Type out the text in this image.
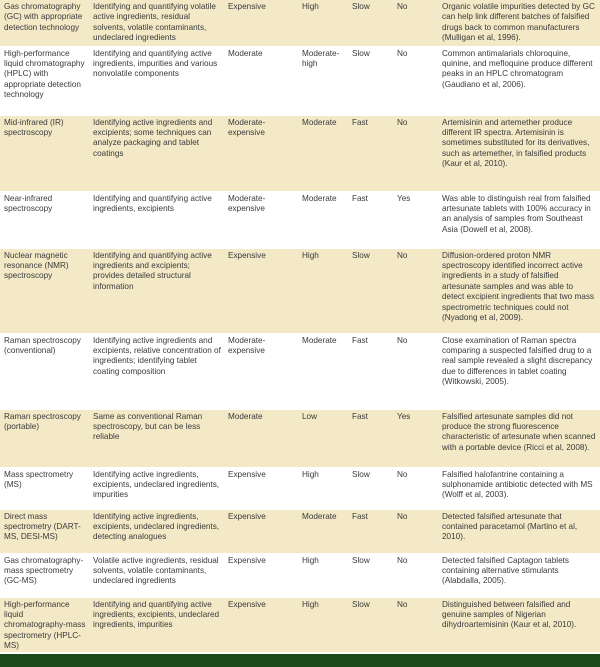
Gas chromatography (GC) with appropriate detection technology	Identifying and quantifying volatile active ingredients, residual solvents, volatile contaminants, undeclared ingredients	Expensive	High	Slow	No	Organic volatile impurities detected by GC can help link different batches of falsified drugs back to common manufacturers (Mulligan et al, 1996).
High-performance liquid chromatography (HPLC) with appropriate detection technology	Identifying and quantifying active ingredients, impurities and various nonvolatile components	Moderate	Moderate-high	Slow	No	Common antimalarials chloroquine, quinine, and mefloquine produce different peaks in an HPLC chromatogram (Gaudiano et al, 2006).
Mid-infrared (IR) spectroscopy	Identifying active ingredients and excipients; some techniques can analyze packaging and tablet coatings	Moderate-expensive	Moderate	Fast	No	Artemisinin and artemether produce different IR spectra. Artemisinin is sometimes substituted for its derivatives, such as artemether, in falsified products (Kaur et al, 2010).
Near-infrared spectroscopy	Identifying and quantifying active ingredients, excipients	Moderate-expensive	Moderate	Fast	Yes	Was able to distinguish real from falsified artesunate tablets with 100% accuracy in an analysis of samples from Southeast Asia (Dowell et al, 2008).
Nuclear magnetic resonance (NMR) spectroscopy	Identifying and quantifying active ingredients and excipients; provides detailed structural information	Expensive	High	Slow	No	Diffusion-ordered proton NMR spectroscopy identified incorrect active ingredients in a study of falsified artesunate samples and was able to detect excipient ingredients that two mass spectrometric techniques could not (Nyadong et al, 2009).
Raman spectroscopy (conventional)	Identifying active ingredients and excipients, relative concentration of ingredients; identifying tablet coating composition	Moderate-expensive	Moderate	Fast	No	Close examination of Raman spectra comparing a suspected falsified drug to a real sample revealed a slight discrepancy due to differences in tablet coating (Witkowski, 2005).
Raman spectroscopy (portable)	Same as conventional Raman spectroscopy, but can be less reliable	Moderate	Low	Fast	Yes	Falsified artesunate samples did not produce the strong fluorescence characteristic of artesunate when scanned with a portable device (Ricci et al, 2008).
Mass spectrometry (MS)	Identifying active ingredients, excipients, undeclared ingredients, impurities	Expensive	High	Slow	No	Falsified halofantrine containing a sulphonamide antibiotic detected with MS (Wolff et al, 2003).
Direct mass spectrometry (DART-MS, DESI-MS)	Identifying active ingredients, excipients, undeclared ingredients, detecting analogues	Expensive	Moderate	Fast	No	Detected falsified artesunate that contained paracetamol (Martino et al, 2010).
Gas chromatography-mass spectrometry (GC-MS)	Volatile active ingredients, residual solvents, volatile contaminants, undeclared ingredients	Expensive	High	Slow	No	Detected falsified Captagon tablets containing alternative stimulants (Alabdalla, 2005).
High-performance liquid chromatography-mass spectrometry (HPLC-MS)	Identifying and quantifying active ingredients, excipients, undeclared ingredients, impurities	Expensive	High	Slow	No	Distinguished between falsified and genuine samples of Nigerian dihydroartemisinin (Kaur et al, 2010).
